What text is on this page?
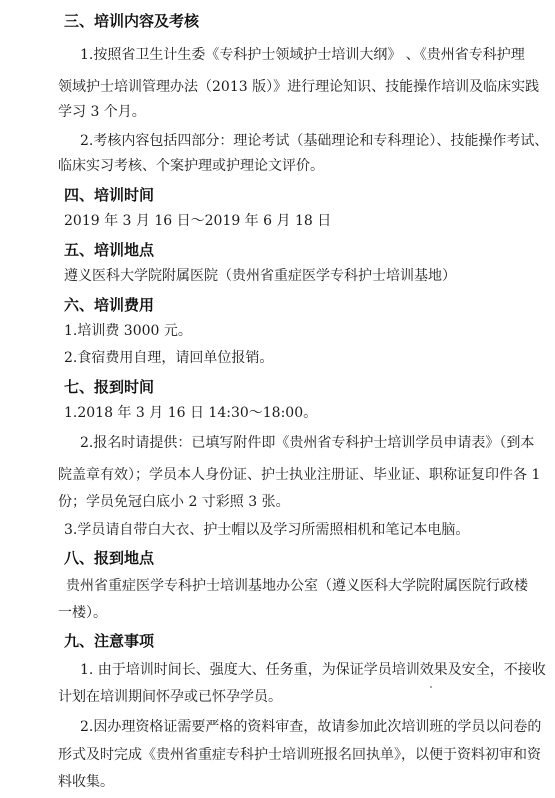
三、培训内容及考核
1.按照省卫生计生委《专科护士领域护士培训大纲》 、《贵州省专科护理
领域护士培训管理办法（2013 版）》进行理论知识、技能操作培训及临床实践
学习 3 个月。
2.考核内容包括四部分：理论考试（基础理论和专科理论）、技能操作考试、
临床实习考核、个案护理或护理论文评价。
四、培训时间
2019 年 3 月 16 日～2019 年 6 月 18 日
五、培训地点
遵义医科大学院附属医院（贵州省重症医学专科护士培训基地）
六、培训费用
1.培训费 3000 元。
2.食宿费用自理，请回单位报销。
七、报到时间
1.2018 年 3 月 16 日 14:30～18:00。
2.报名时请提供：已填写附件即《贵州省专科护士培训学员申请表》（到本
院盖章有效）；学员本人身份证、护士执业注册证、毕业证、职称证复印件各 1
份；学员免冠白底小 2 寸彩照 3 张。
3.学员请自带白大衣、护士帽以及学习所需照相机和笔记本电脑。
八、报到地点
贵州省重症医学专科护士培训基地办公室（遵义医科大学院附属医院行政楼
一楼）。
九、注意事项
1. 由于培训时间长、强度大、任务重，为保证学员培训效果及安全，不接收
计划在培训期间怀孕或已怀孕学员。
2.因办理资格证需要严格的资料审查，故请参加此次培训班的学员以问卷的
形式及时完成《贵州省重症专科护士培训班报名回执单》，以便于资料初审和资
料收集。
